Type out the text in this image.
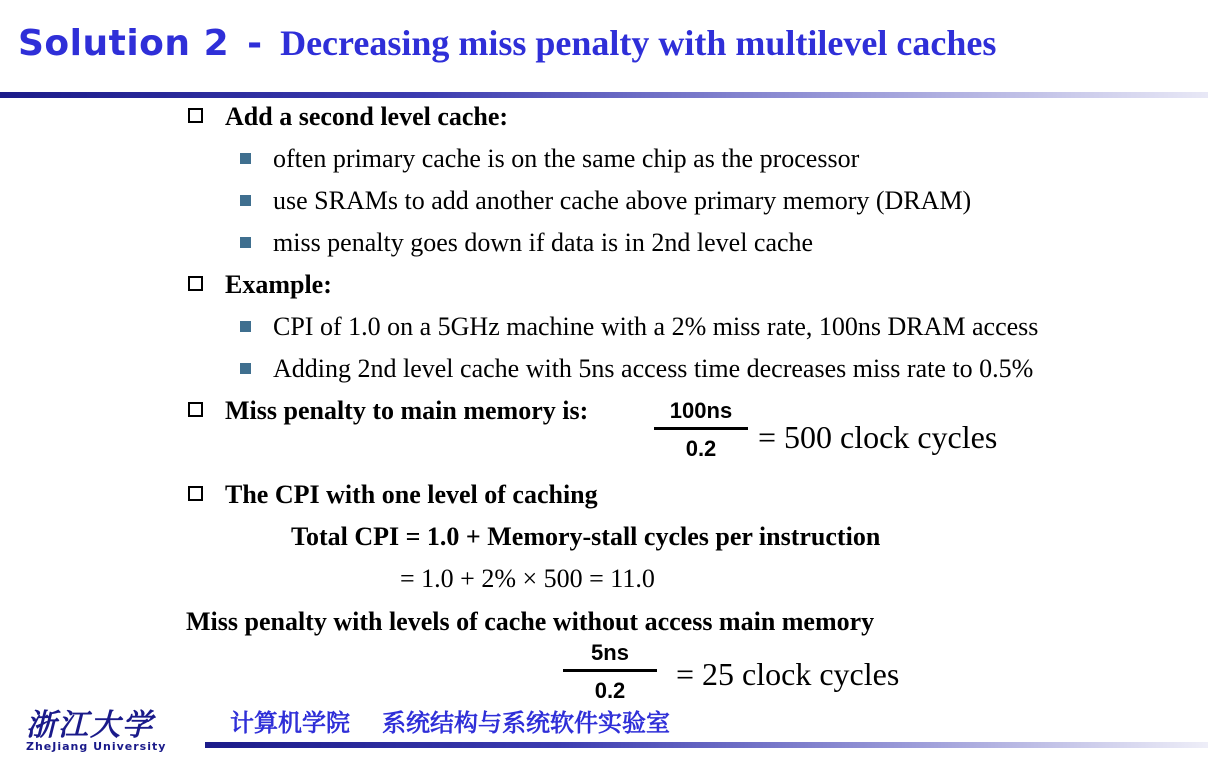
Solution 2 - Decreasing miss penalty with multilevel caches
Add a second level cache:
often primary cache is on the same chip as the processor
use SRAMs to add another cache above primary memory (DRAM)
miss penalty goes down if data is in 2nd level cache
Example:
CPI of 1.0 on a 5GHz machine with a 2% miss rate, 100ns DRAM access
Adding 2nd level cache with 5ns access time decreases miss rate to 0.5%
Miss penalty to main memory is:	100ns
0.2	= 500 clock cycles
The CPI with one level of caching
Total CPI = 1.0 + Memory-stall cycles per instruction
= 1.0 + 2% × 500 = 11.0
Miss penalty with levels of cache without access main memory
5ns
0.2	= 25 clock cycles
浙江大学
ZheJiang University
计算机学院 系统结构与系统软件实验室
